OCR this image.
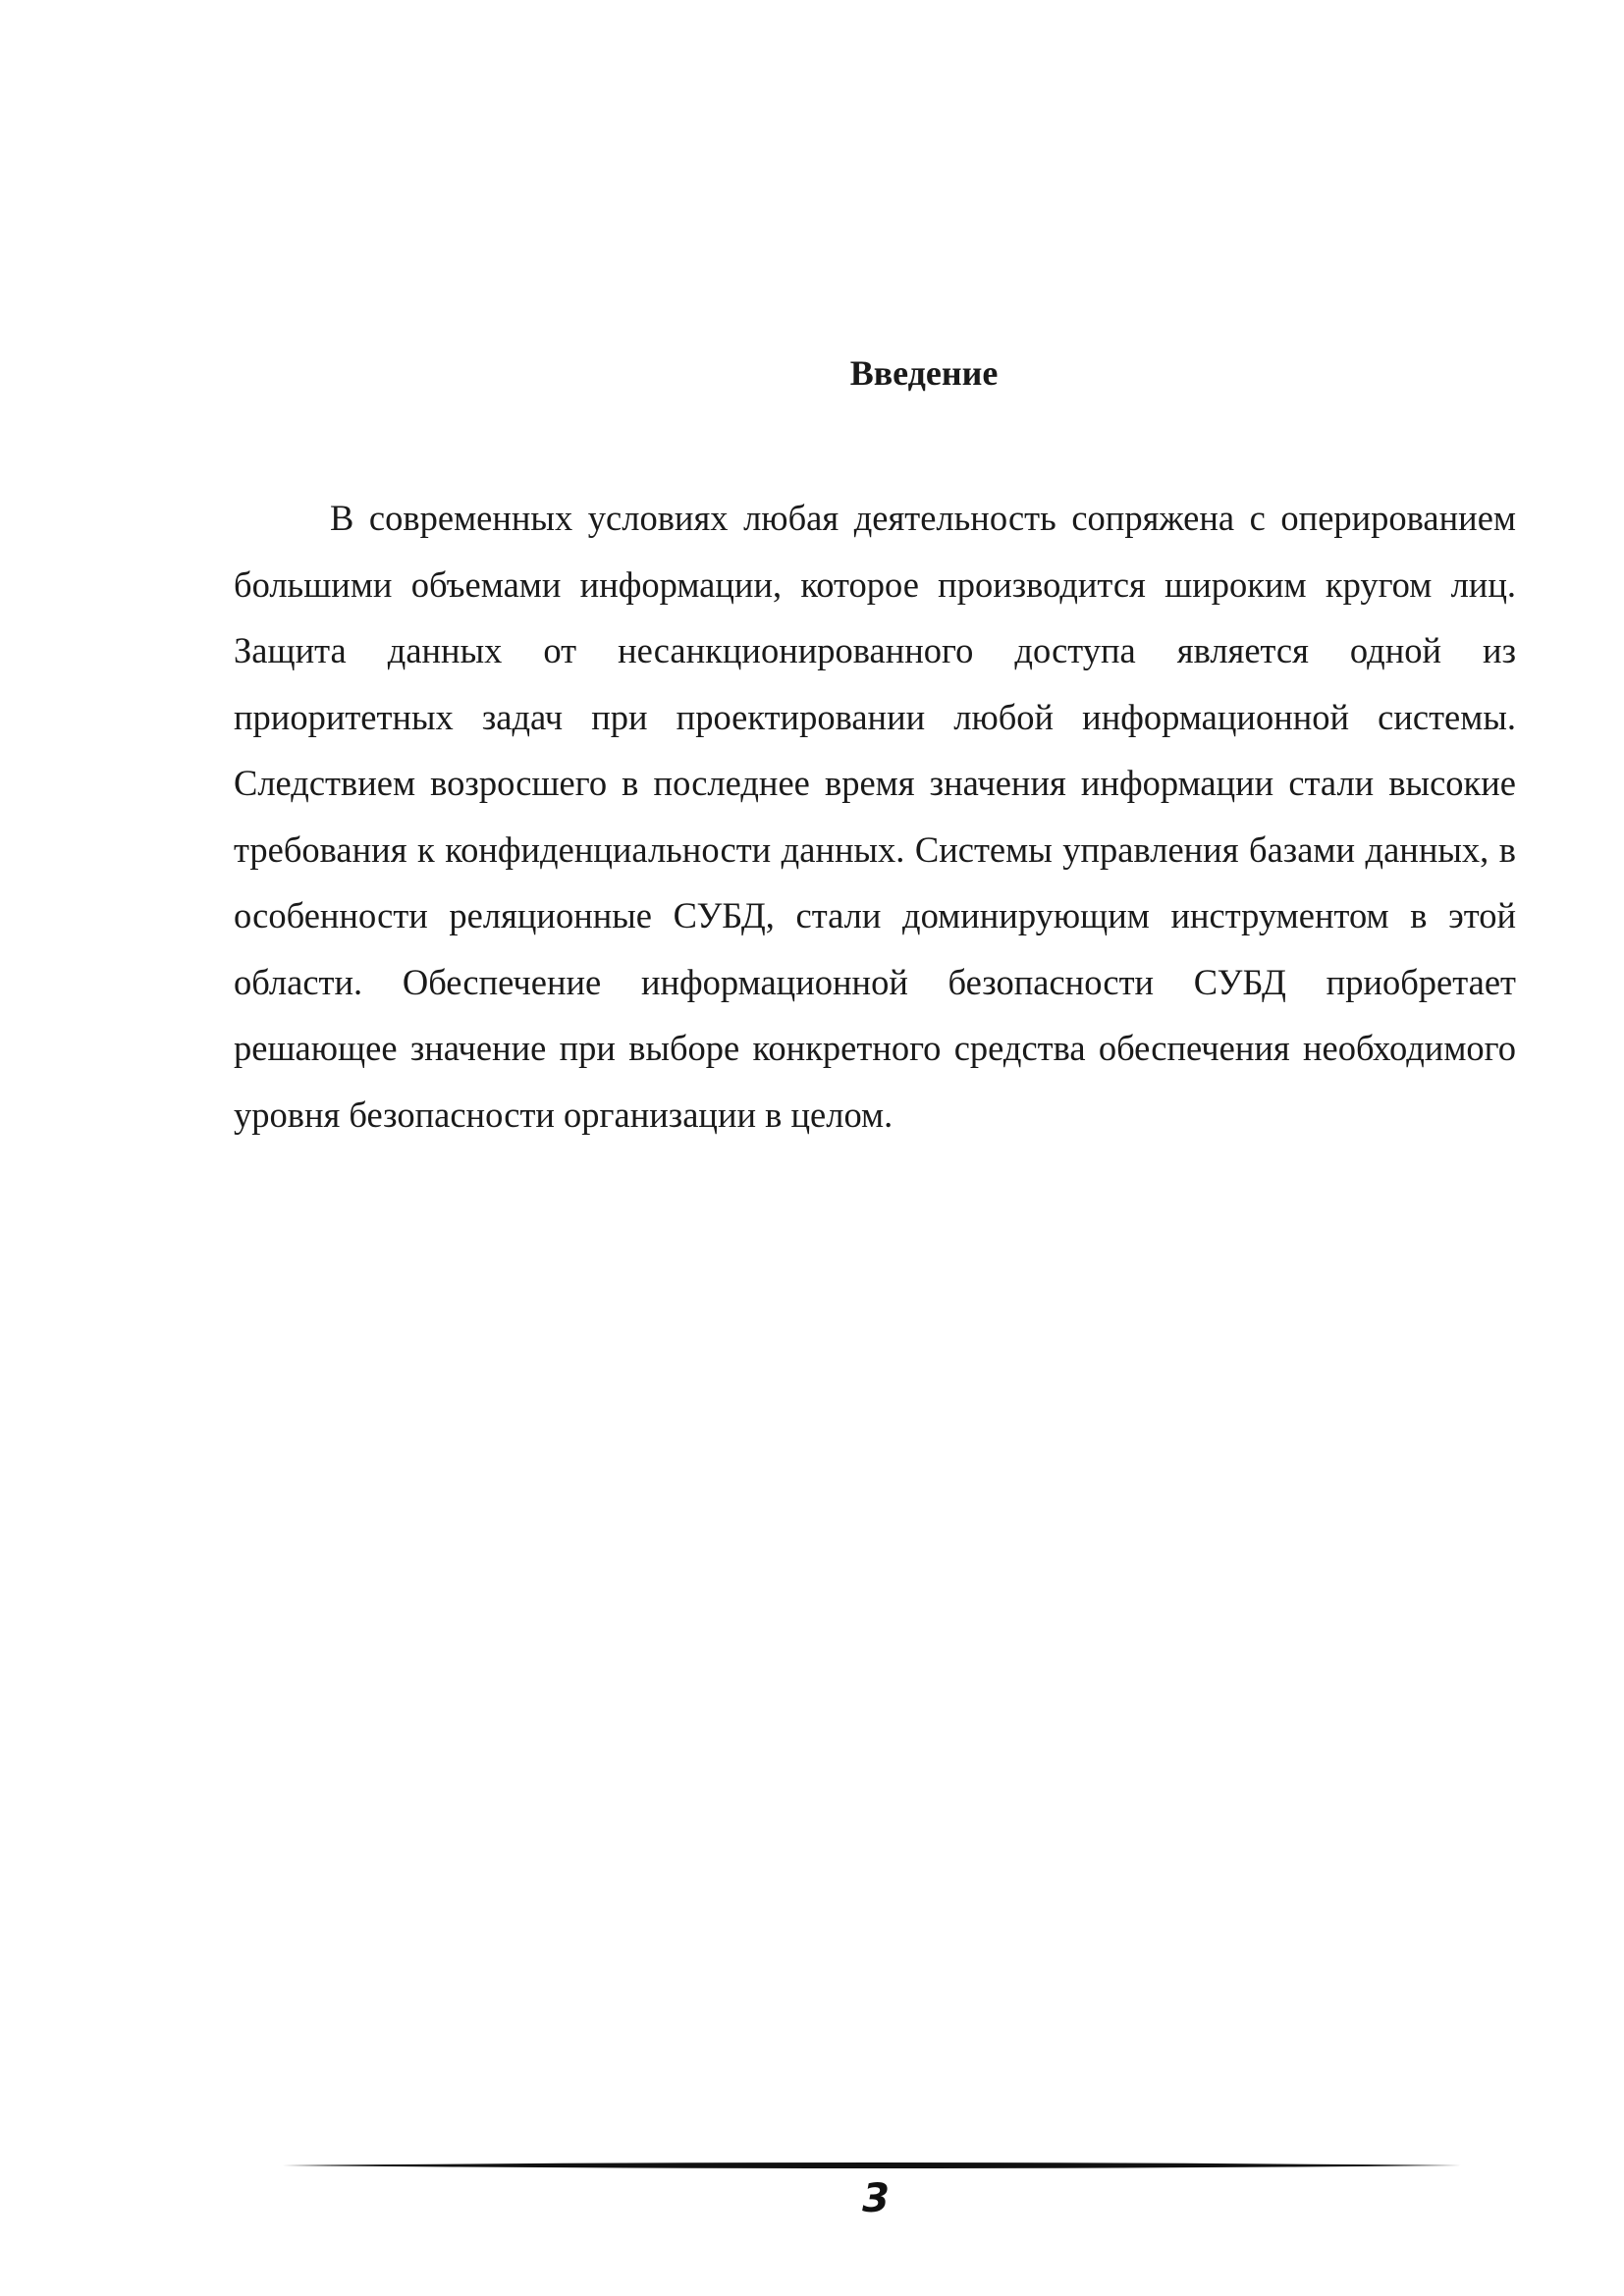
Введение

В современных условиях любая деятельность сопряжена с оперированием большими объемами информации, которое производится широким кругом лиц. Защита данных от несанкционированного доступа является одной из приоритетных задач при проектировании любой информационной системы. Следствием возросшего в последнее время значения информации стали высокие требования к конфиденциальности данных. Системы управления базами данных, в особенности реляционные СУБД, стали доминирующим инструментом в этой области. Обеспечение информационной безопасности СУБД приобретает решающее значение при выборе конкретного средства обеспечения необходимого уровня безопасности организации в целом.

3
